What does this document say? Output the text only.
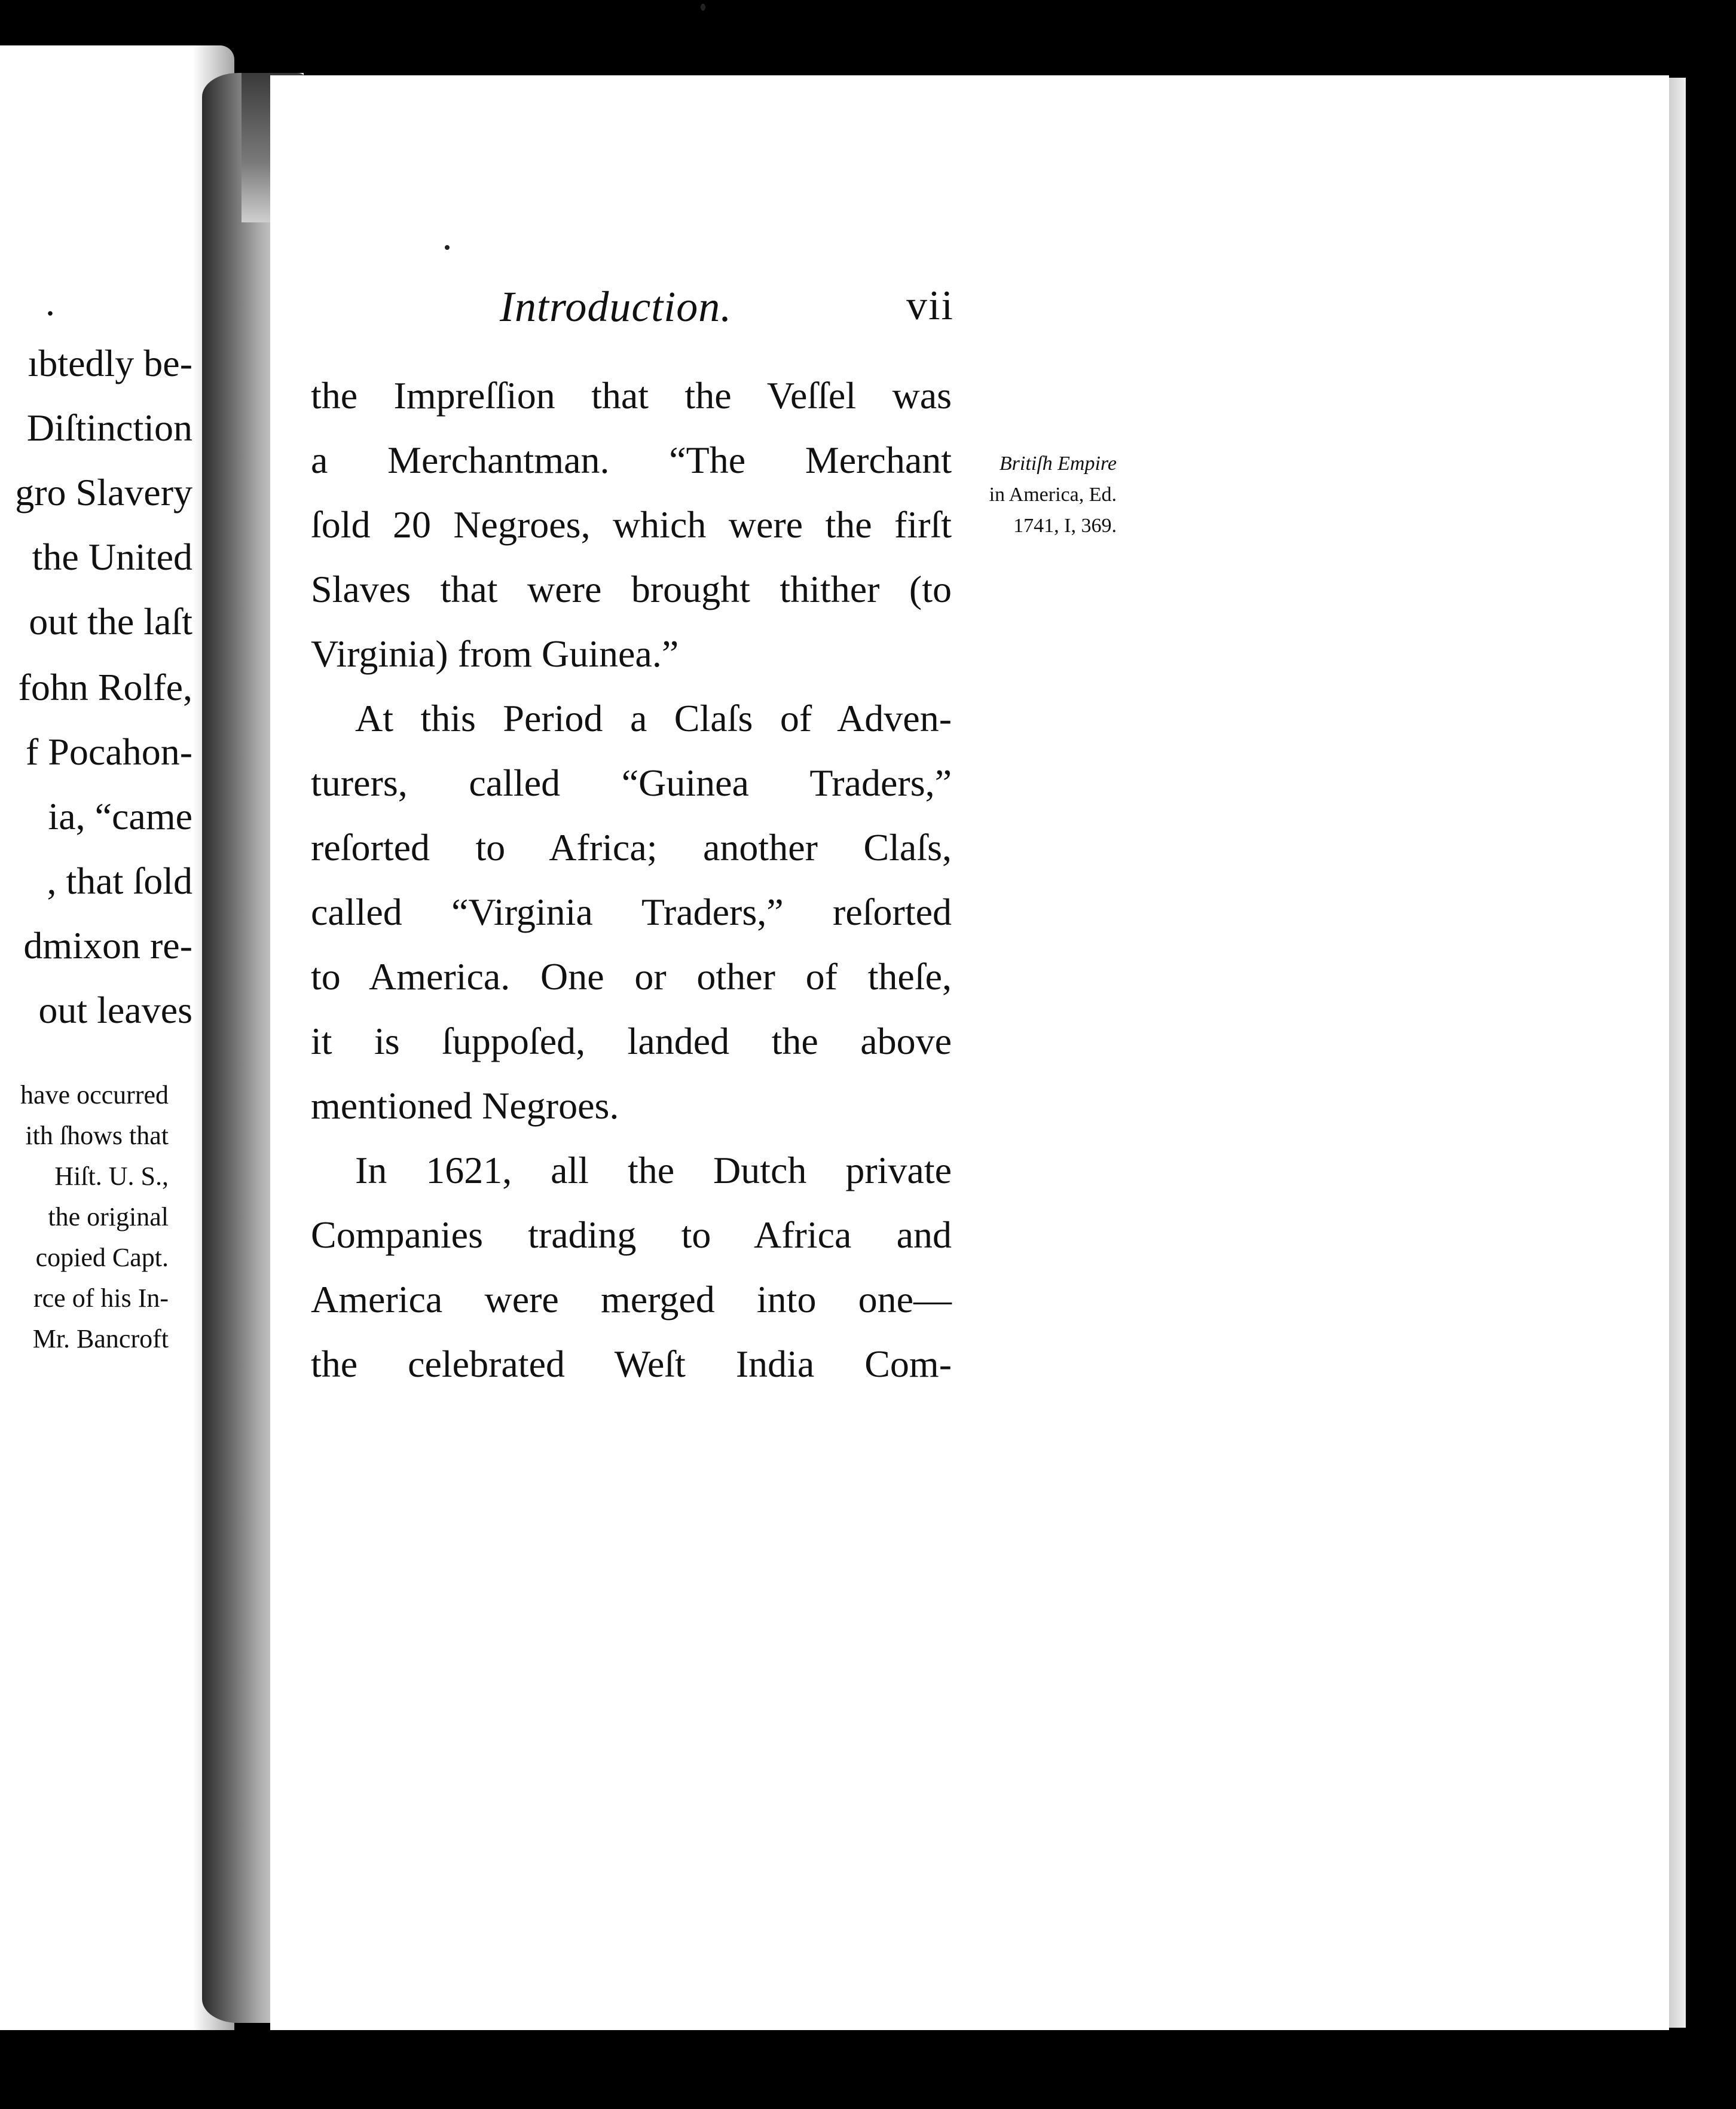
.
ıbtedly be-
Diſtinction
gro Slavery
the United
out the laſt
fohn Rolfe,
f Pocahon-
ia, “came
, that ſold
dmixon re-
out leaves
have occurred
ith ſhows that
Hiſt. U. S.,
the original
copied Capt.
rce of his In-
Mr. Bancroft
Introduction.	vii
Britiſh Empire
in America, Ed.
1741, I, 369.
the Impreſſion that the Veſſel was
a Merchantman. “The Merchant
ſold 20 Negroes, which were the firſt
Slaves that were brought thither (to
Virginia) from Guinea.”
At this Period a Claſs of Adven-
turers, called “Guinea Traders,”
reſorted to Africa; another Claſs,
called “Virginia Traders,” reſorted
to America. One or other of theſe,
it is ſuppoſed, landed the above
mentioned Negroes.
In 1621, all the Dutch private
Companies trading to Africa and
America were merged into one—
the celebrated Weſt India Com-
